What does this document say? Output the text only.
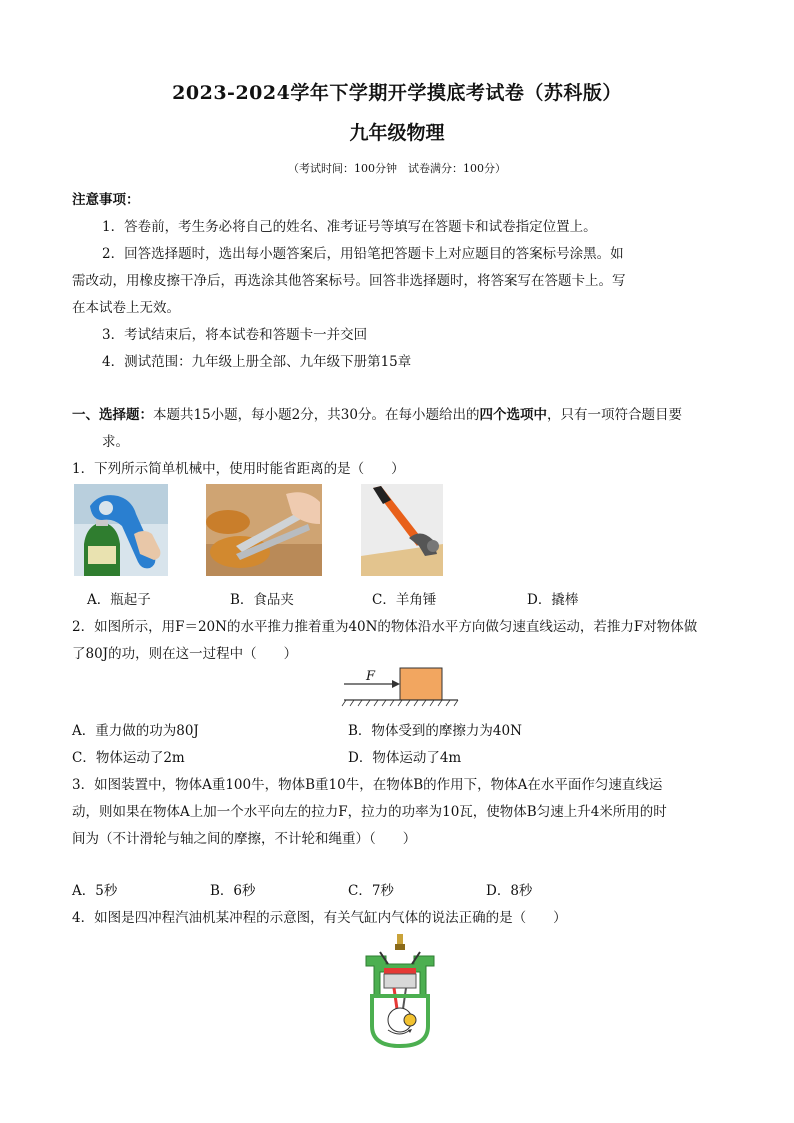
2023-2024学年下学期开学摸底考试卷（苏科版）
九年级物理
（考试时间：100分钟　试卷满分：100分）
注意事项：
1．答卷前，考生务必将自己的姓名、准考证号等填写在答题卡和试卷指定位置上。
2．回答选择题时，选出每小题答案后，用铅笔把答题卡上对应题目的答案标号涂黑。如
需改动，用橡皮擦干净后，再选涂其他答案标号。回答非选择题时，将答案写在答题卡上。写
在本试卷上无效。
3．考试结束后，将本试卷和答题卡一并交回
4．测试范围：九年级上册全部、九年级下册第15章
一、选择题：本题共15小题，每小题2分，共30分。在每小题给出的四个选项中，只有一项符合题目要
求。
1．下列所示简单机械中，使用时能省距离的是（　　）
A．瓶起子	B．食品夹	C．羊角锤	D．撬棒
2．如图所示，用F＝20N的水平推力推着重为40N的物体沿水平方向做匀速直线运动，若推力F对物体做
了80J的功，则在这一过程中（　　）
F
A．重力做的功为80J	B．物体受到的摩擦力为40N
C．物体运动了2m	D．物体运动了4m
3．如图装置中，物体A重100牛，物体B重10牛，在物体B的作用下，物体A在水平面作匀速直线运
动，则如果在物体A上加一个水平向左的拉力F，拉力的功率为10瓦，使物体B匀速上升4米所用的时
间为（不计滑轮与轴之间的摩擦，不计轮和绳重）（　　）
A．5秒	B．6秒	C．7秒	D．8秒
4．如图是四冲程汽油机某冲程的示意图，有关气缸内气体的说法正确的是（　　）
